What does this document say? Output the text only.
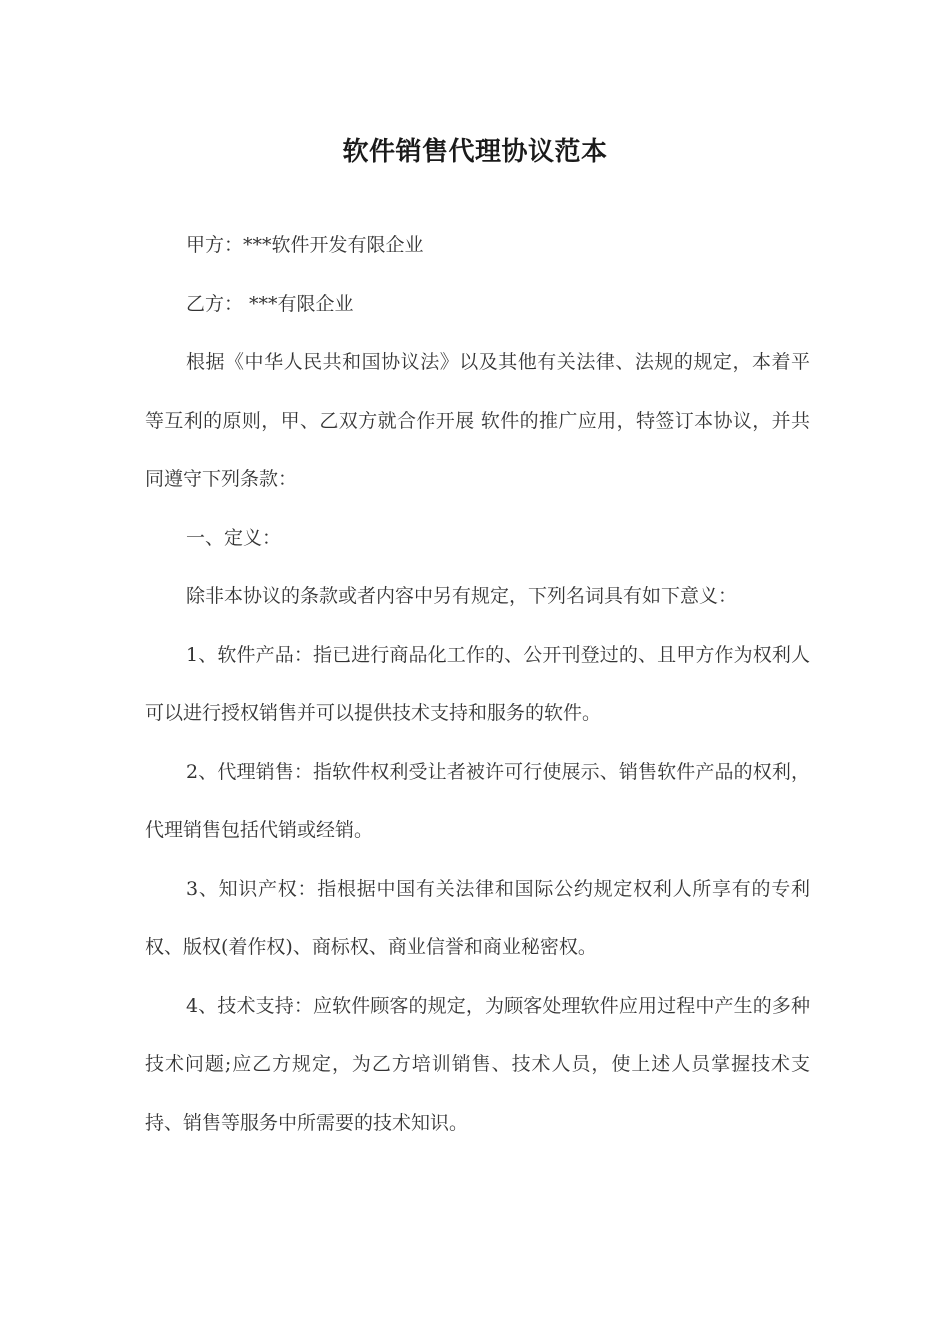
软件销售代理协议范本

甲方：***软件开发有限企业

乙方： ***有限企业

根据《中华人民共和国协议法》以及其他有关法律、法规的规定，本着平等互利的原则，甲、乙双方就合作开展 软件的推广应用，特签订本协议，并共同遵守下列条款：

一、定义：

除非本协议的条款或者内容中另有规定，下列名词具有如下意义：

1、软件产品：指已进行商品化工作的、公开刊登过的、且甲方作为权利人可以进行授权销售并可以提供技术支持和服务的软件。

2、代理销售：指软件权利受让者被许可行使展示、销售软件产品的权利，代理销售包括代销或经销。

3、知识产权：指根据中国有关法律和国际公约规定权利人所享有的专利权、版权(着作权)、商标权、商业信誉和商业秘密权。

4、技术支持：应软件顾客的规定，为顾客处理软件应用过程中产生的多种技术问题;应乙方规定，为乙方培训销售、技术人员，使上述人员掌握技术支持、销售等服务中所需要的技术知识。
